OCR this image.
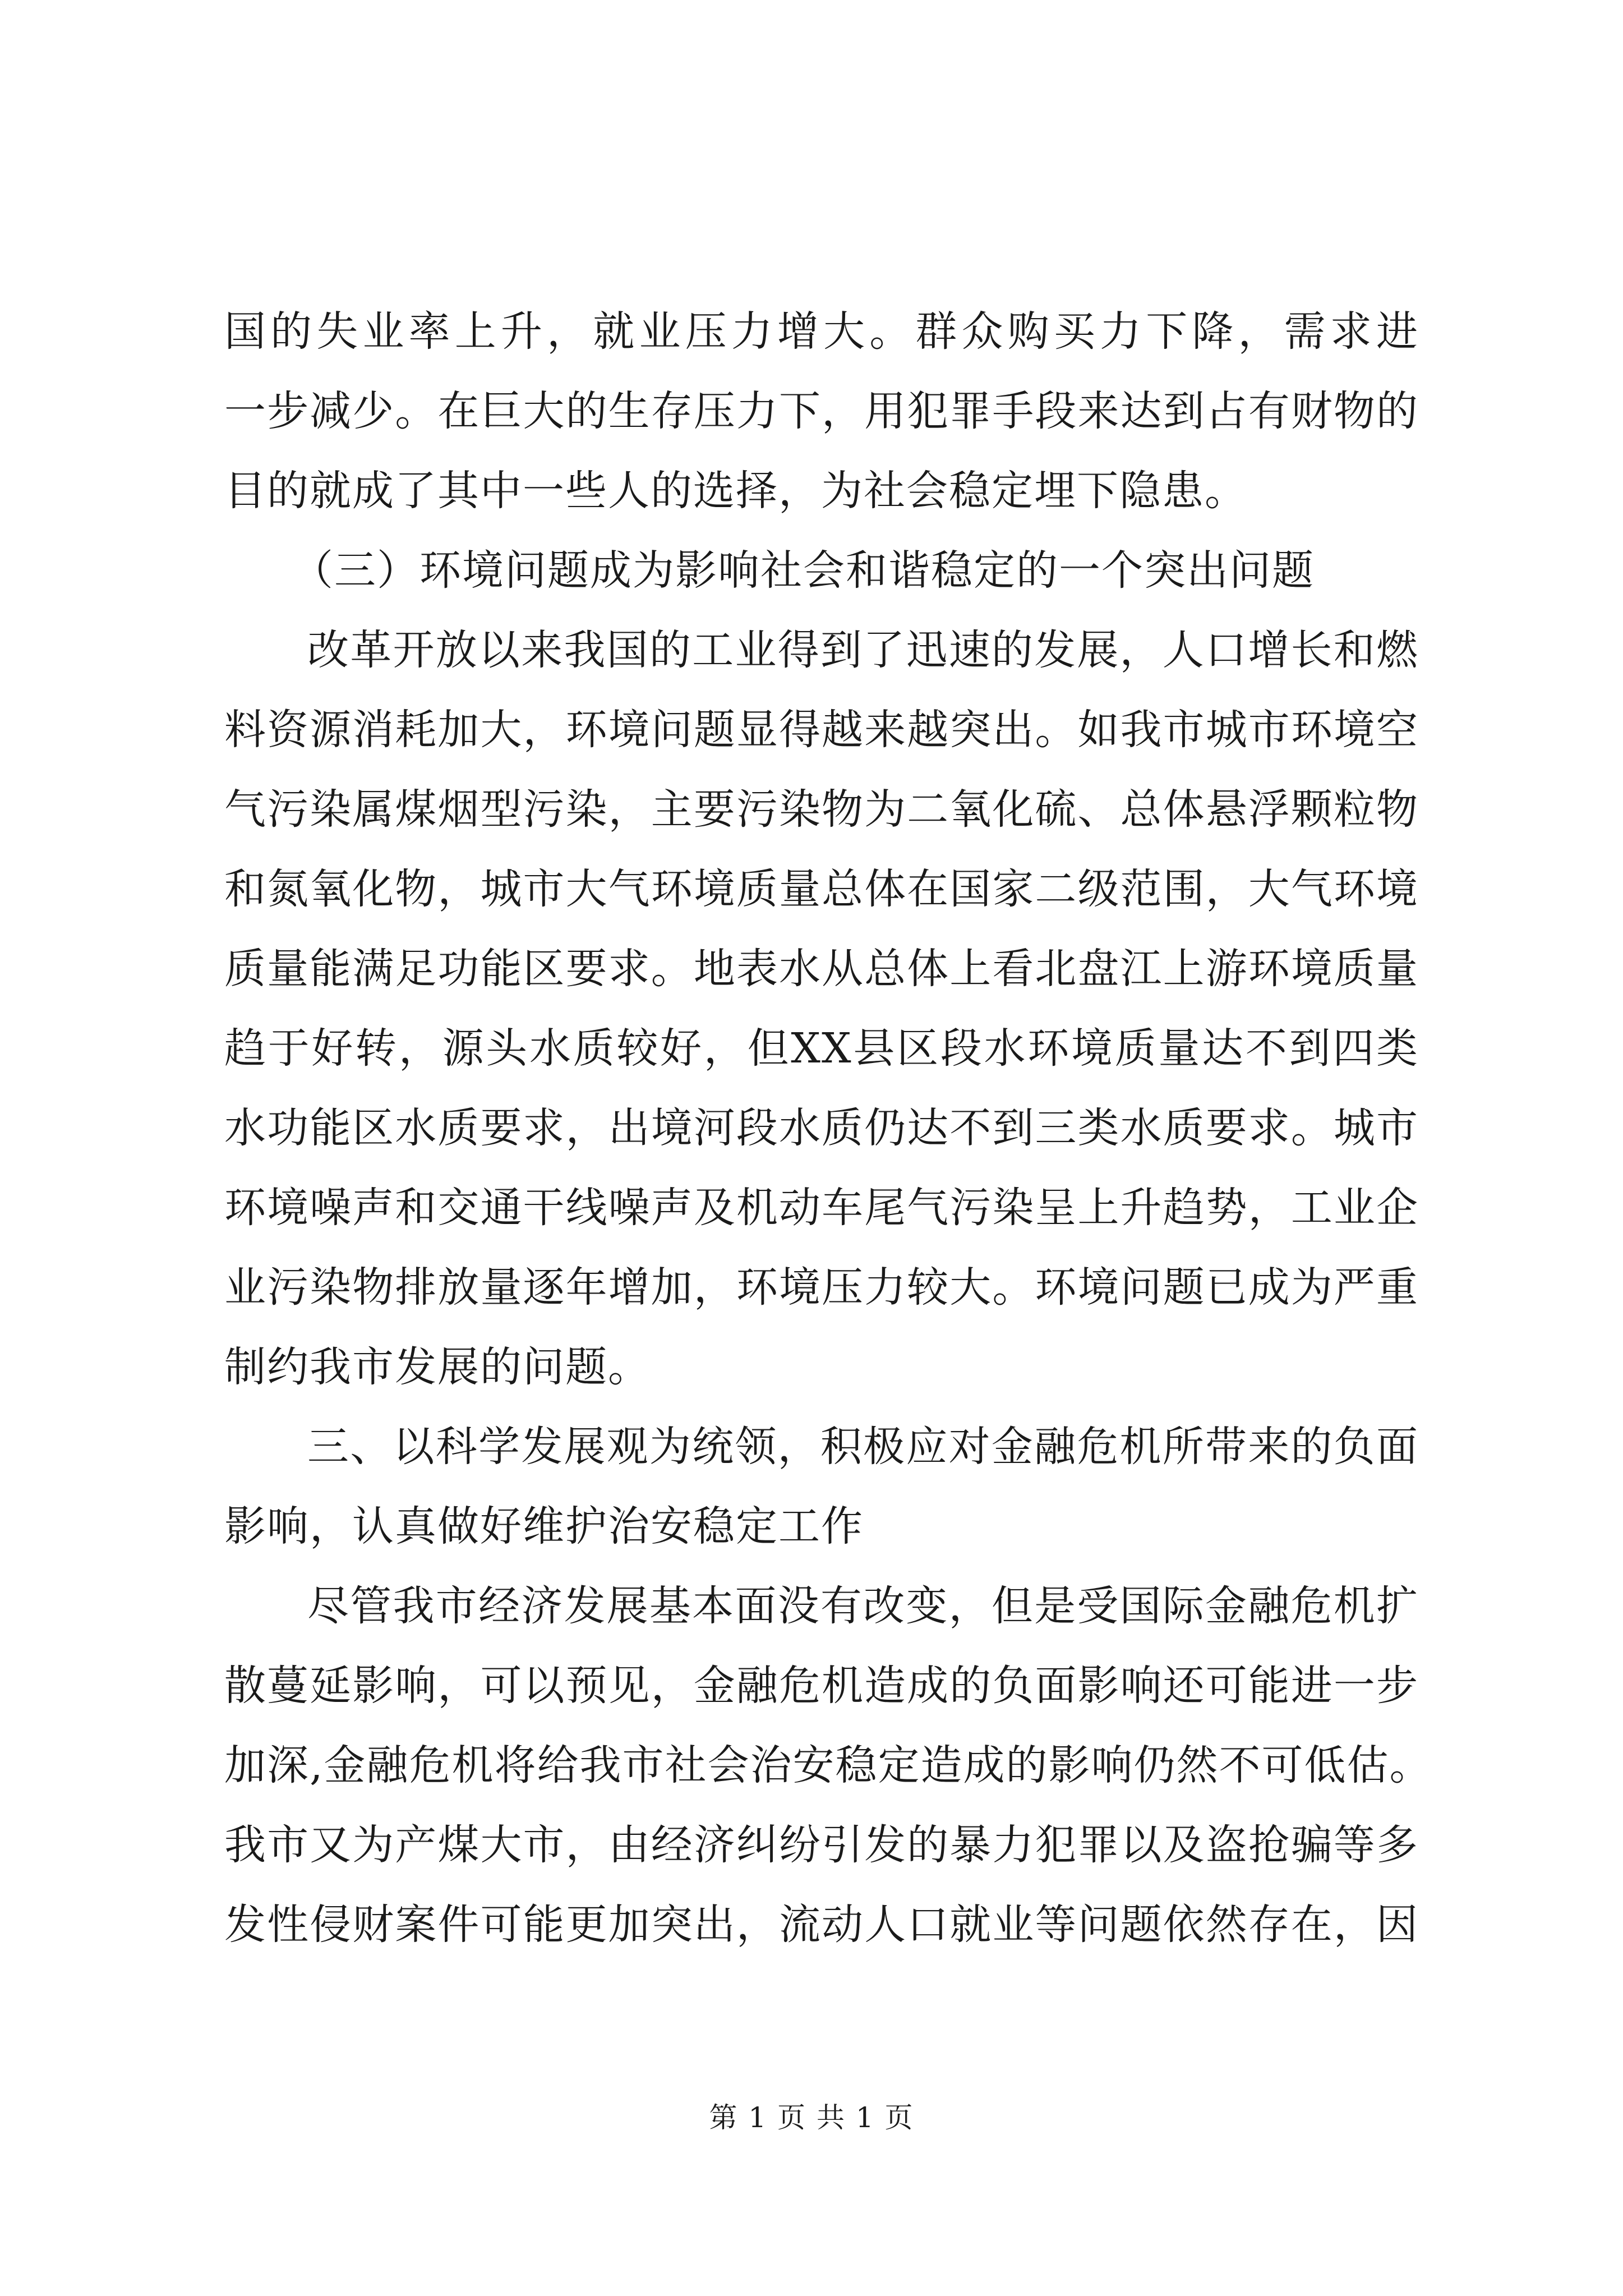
国的失业率上升，就业压力增大。群众购买力下降，需求进
一步减少。在巨大的生存压力下，用犯罪手段来达到占有财物的
目的就成了其中一些人的选择，为社会稳定埋下隐患。
（三）环境问题成为影响社会和谐稳定的一个突出问题
改革开放以来我国的工业得到了迅速的发展，人口增长和燃
料资源消耗加大，环境问题显得越来越突出。如我市城市环境空
气污染属煤烟型污染，主要污染物为二氧化硫、总体悬浮颗粒物
和氮氧化物，城市大气环境质量总体在国家二级范围，大气环境
质量能满足功能区要求。地表水从总体上看北盘江上游环境质量
趋于好转，源头水质较好，但XX县区段水环境质量达不到四类
水功能区水质要求，出境河段水质仍达不到三类水质要求。城市
环境噪声和交通干线噪声及机动车尾气污染呈上升趋势，工业企
业污染物排放量逐年增加，环境压力较大。环境问题已成为严重
制约我市发展的问题。
三、以科学发展观为统领，积极应对金融危机所带来的负面
影响，认真做好维护治安稳定工作
尽管我市经济发展基本面没有改变，但是受国际金融危机扩
散蔓延影响，可以预见，金融危机造成的负面影响还可能进一步
加深,金融危机将给我市社会治安稳定造成的影响仍然不可低估。
我市又为产煤大市，由经济纠纷引发的暴力犯罪以及盗抢骗等多
发性侵财案件可能更加突出，流动人口就业等问题依然存在，因
第 1 页 共 1 页
